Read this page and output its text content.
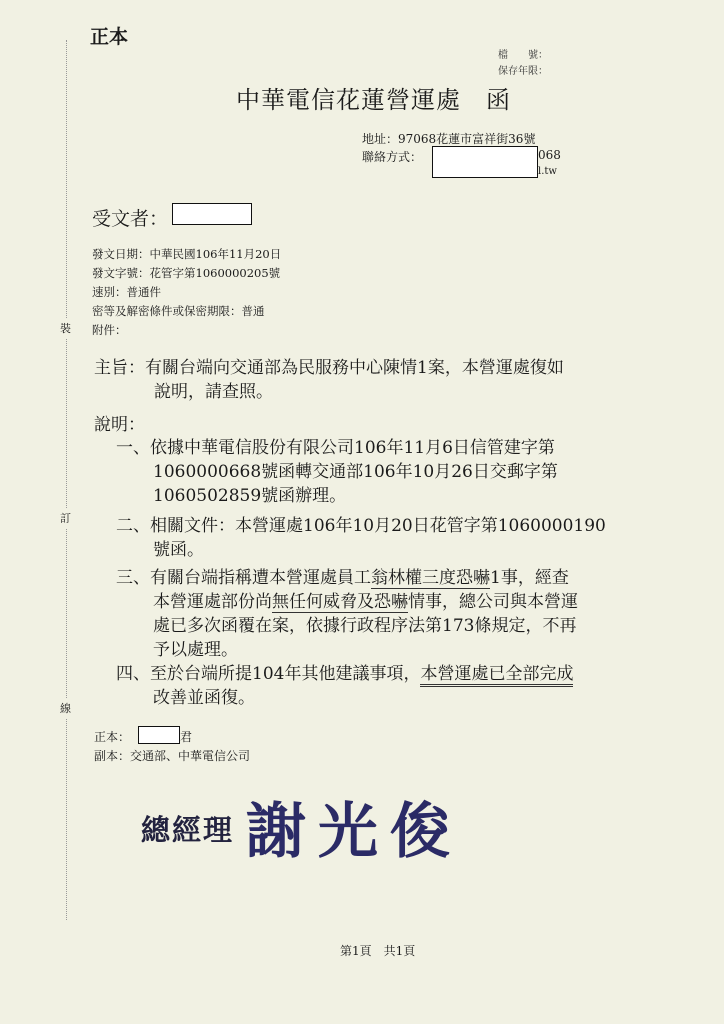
裝
訂
線
正本
檔　　號：
保存年限：
中華電信花蓮營運處　函
地址：97068花蓮市富祥街36號
聯絡方式：	068
l.tw
受文者：
發文日期：中華民國106年11月20日
發文字號：花管字第1060000205號
速別：普通件
密等及解密條件或保密期限：普通
附件：
主旨：有關台端向交通部為民服務中心陳情1案，本營運處復如
說明，請查照。
說明：
一、依據中華電信股份有限公司106年11月6日信管建字第
1060000668號函轉交通部106年10月26日交郵字第
1060502859號函辦理。
二、相關文件：本營運處106年10月20日花管字第1060000190
號函。
三、有關台端指稱遭本營運處員工翁林權三度恐嚇1事，經查
本營運處部份尚無任何威脅及恐嚇情事，總公司與本營運
處已多次函覆在案，依據行政程序法第173條規定，不再
予以處理。
四、至於台端所提104年其他建議事項，本營運處已全部完成
改善並函復。
正本：	君
副本：交通部、中華電信公司
總經理 謝光俊
第1頁　共1頁
